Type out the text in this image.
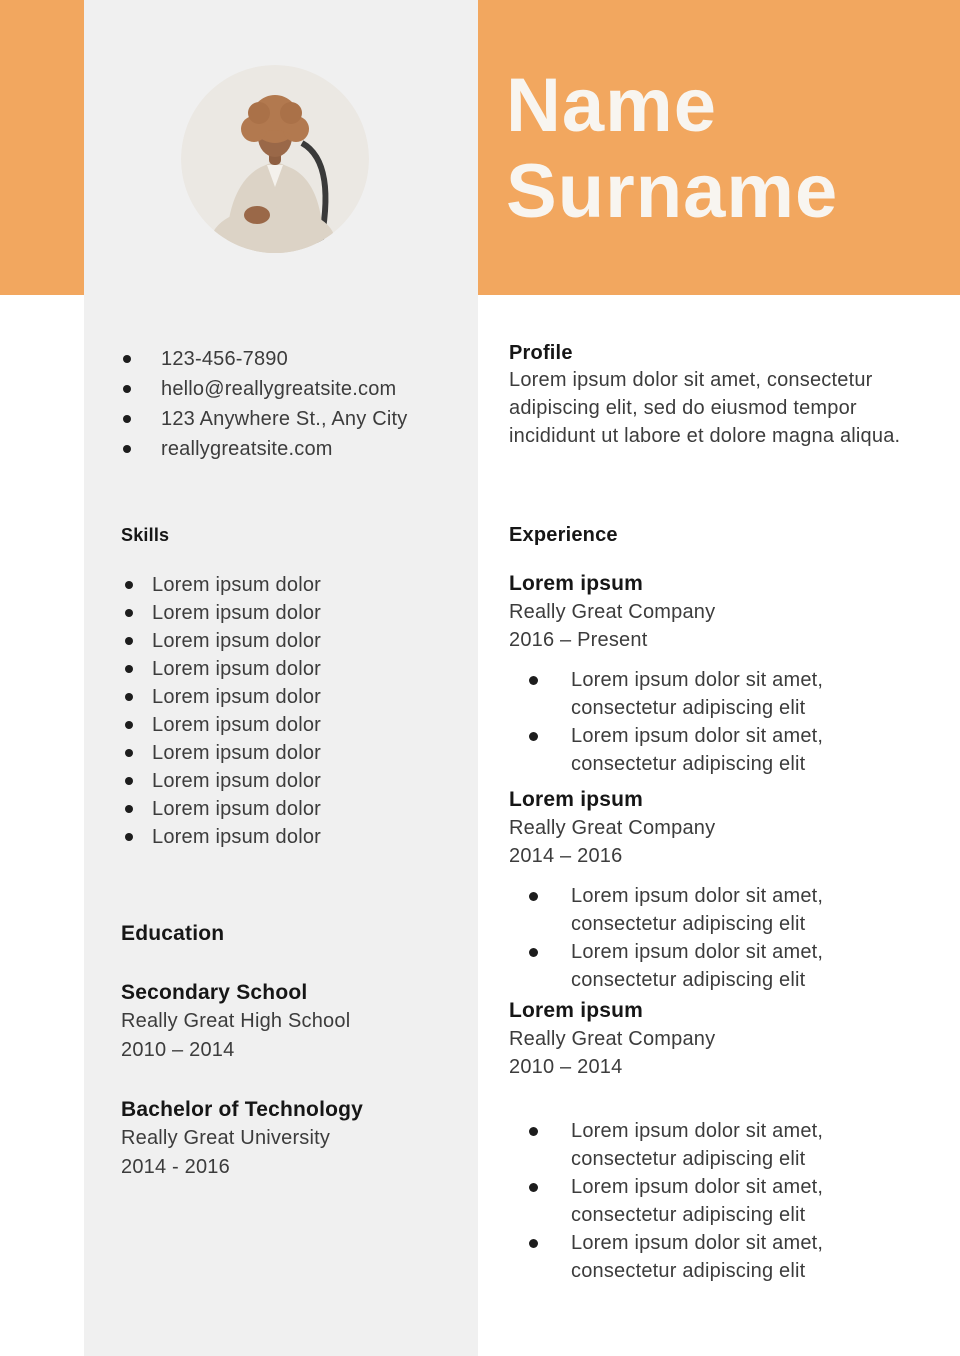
Name
Surname
123-456-7890
hello@reallygreatsite.com
123 Anywhere St., Any City
reallygreatsite.com
Skills
Lorem ipsum dolor
Lorem ipsum dolor
Lorem ipsum dolor
Lorem ipsum dolor
Lorem ipsum dolor
Lorem ipsum dolor
Lorem ipsum dolor
Lorem ipsum dolor
Lorem ipsum dolor
Lorem ipsum dolor
Education
Secondary School
Really Great High School
2010 – 2014
Bachelor of Technology
Really Great University
2014 - 2016
Profile

Lorem ipsum dolor sit amet, consectetur adipiscing elit, sed do eiusmod tempor incididunt ut labore et dolore magna aliqua.

Experience
Lorem ipsum
Really Great Company
2016 – Present
Lorem ipsum dolor sit amet, consectetur adipiscing elit
Lorem ipsum dolor sit amet, consectetur adipiscing elit
Lorem ipsum
Really Great Company
2014 – 2016
Lorem ipsum dolor sit amet, consectetur adipiscing elit
Lorem ipsum dolor sit amet, consectetur adipiscing elit
Lorem ipsum
Really Great Company
2010 – 2014
Lorem ipsum dolor sit amet, consectetur adipiscing elit
Lorem ipsum dolor sit amet, consectetur adipiscing elit
Lorem ipsum dolor sit amet, consectetur adipiscing elit
